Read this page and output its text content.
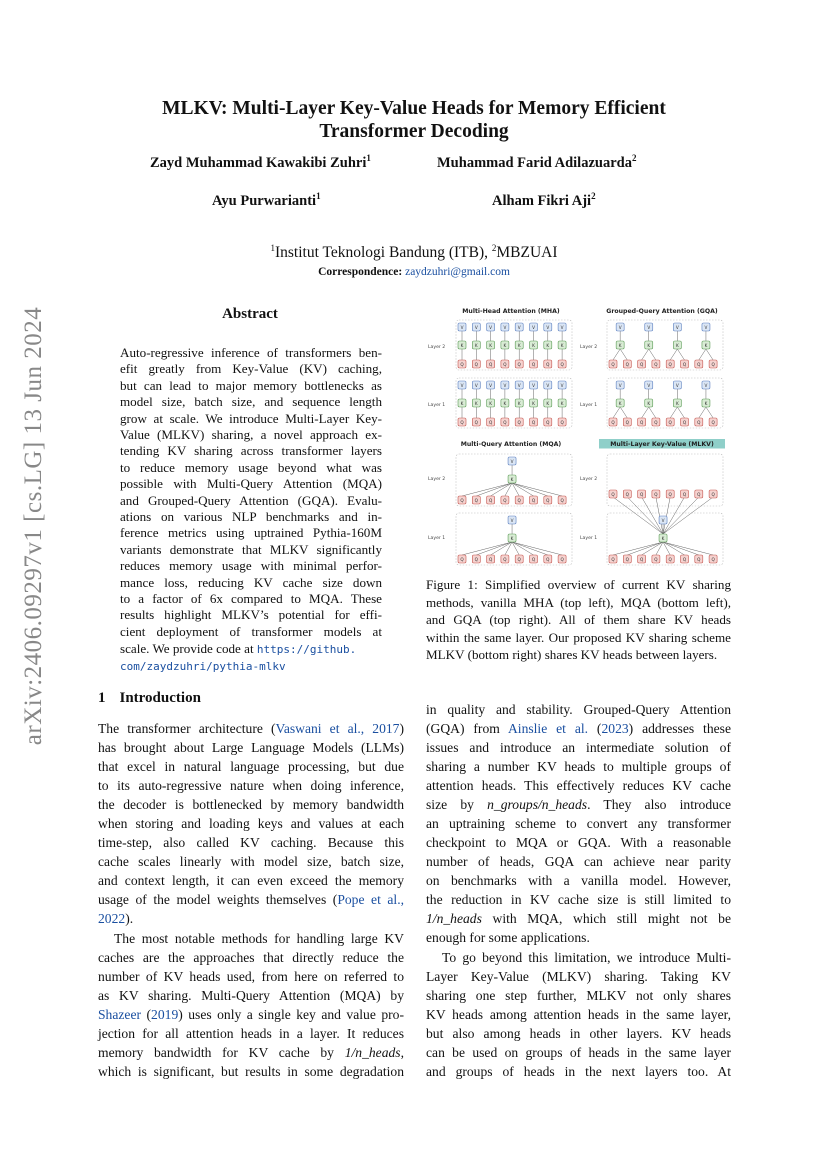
arXiv:2406.09297v1 [cs.LG] 13 Jun 2024
MLKV: Multi-Layer Key-Value Heads for Memory Efficient
Transformer Decoding
Zayd Muhammad Kawakibi Zuhri$^1$	Muhammad Farid Adilazuarda$^2$
Ayu Purwarianti$^1$	Alham Fikri Aji$^2$
$^1$Institut Teknologi Bandung (ITB), $^2$MBZUAI
Correspondence: zaydzuhri@gmail.com
Abstract
Auto-regressive inference of transformers ben-
efit greatly from Key-Value (KV) caching,
but can lead to major memory bottlenecks as
model size, batch size, and sequence length
grow at scale. We introduce Multi-Layer Key-
Value (MLKV) sharing, a novel approach ex-
tending KV sharing across transformer layers
to reduce memory usage beyond what was
possible with Multi-Query Attention (MQA)
and Grouped-Query Attention (GQA). Evalu-
ations on various NLP benchmarks and in-
ference metrics using uptrained Pythia-160M
variants demonstrate that MLKV significantly
reduces memory usage with minimal perfor-
mance loss, reducing KV cache size down
to a factor of 6x compared to MQA. These
results highlight MLKV’s potential for effi-
cient deployment of transformer models at
scale. We provide code at https://github.
com/zaydzuhri/pythia-mlkv
Multi-Head Attention (MHA)	Grouped-Query Attention (GQA)
Multi-Query Attention (MQA)	Multi-Layer Key-Value (MLKV)
Layer 2
V
K
Q
V
K
Q
V
K
Q
V
K
Q
V
K
Q
V
K
Q
V
K
Q
V
K
Q
Layer 1
V
K
Q
V
K
Q
V
K
Q
V
K
Q
V
K
Q
V
K
Q
V
K
Q
V
K
Q
Layer 2
V
K
V
K
V
K
V
K
Q	Q	Q	Q	Q	Q	Q	Q
Layer 1
V
K
V
K
V
K
V
K
Q	Q	Q	Q	Q	Q	Q	Q
Layer 2
V
K
Q	Q	Q	Q	Q	Q	Q	Q
Layer 1
V
K
Q	Q	Q	Q	Q	Q	Q	Q
Layer 2
Layer 1
V
K
Q
Q
Q
Q
Q
Q
Q
Q
Q
Q
Q
Q
Q
Q
Q
Q
Figure 1: Simplified overview of current KV sharing
methods, vanilla MHA (top left), MQA (bottom left),
and GQA (top right). All of them share KV heads
within the same layer. Our proposed KV sharing scheme
MLKV (bottom right) shares KV heads between layers.
1 Introduction
The transformer architecture (Vaswani et al., 2017)
has brought about Large Language Models (LLMs)
that excel in natural language processing, but due
to its auto-regressive nature when doing inference,
the decoder is bottlenecked by memory bandwidth
when storing and loading keys and values at each
time-step, also called KV caching. Because this
cache scales linearly with model size, batch size,
and context length, it can even exceed the memory
usage of the model weights themselves (Pope et al.,
2022).
The most notable methods for handling large KV
caches are the approaches that directly reduce the
number of KV heads used, from here on referred to
as KV sharing. Multi-Query Attention (MQA) by
Shazeer (2019) uses only a single key and value pro-
jection for all attention heads in a layer. It reduces
memory bandwidth for KV cache by 1/n_heads,
which is significant, but results in some degradation
in quality and stability. Grouped-Query Attention
(GQA) from Ainslie et al. (2023) addresses these
issues and introduce an intermediate solution of
sharing a number KV heads to multiple groups of
attention heads. This effectively reduces KV cache
size by n_groups/n_heads. They also introduce
an uptraining scheme to convert any transformer
checkpoint to MQA or GQA. With a reasonable
number of heads, GQA can achieve near parity
on benchmarks with a vanilla model. However,
the reduction in KV cache size is still limited to
1/n_heads with MQA, which still might not be
enough for some applications.
To go beyond this limitation, we introduce Multi-
Layer Key-Value (MLKV) sharing. Taking KV
sharing one step further, MLKV not only shares
KV heads among attention heads in the same layer,
but also among heads in other layers. KV heads
can be used on groups of heads in the same layer
and groups of heads in the next layers too. At
